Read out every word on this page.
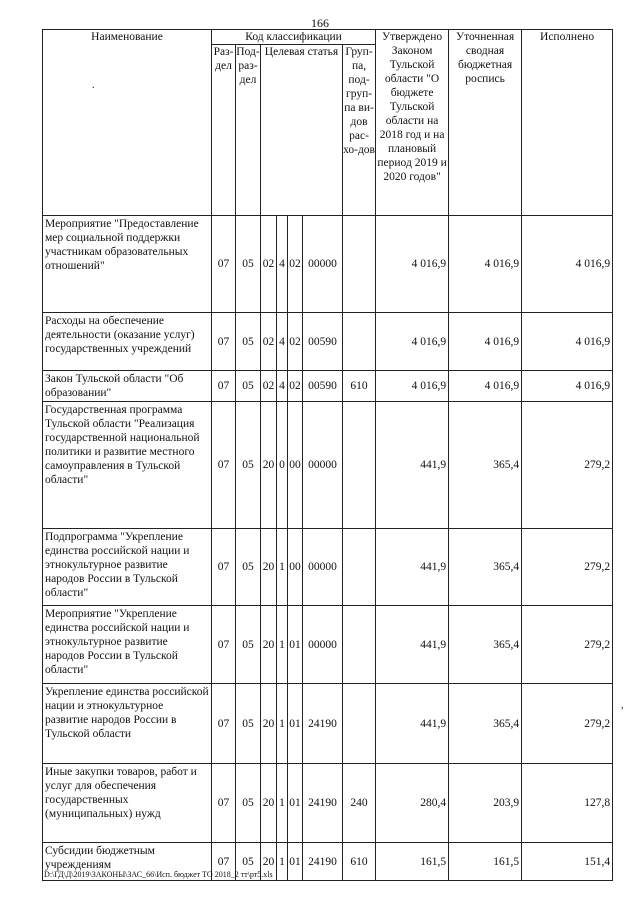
166
.
,
Наименование	Код классификации							Утверждено Законом Тульской области "О бюджете Тульской области на 2018 год и на плановый период 2019 и 2020 годов"	Уточненная сводная бюджетная роспись	Исполнено
	Раз-дел	Под-раз-дел	Целевая статья				Груп-па, под-груп-па ви-дов рас-хо-дов			
Мероприятие "Предоставление мер социальной поддержки участникам образовательных отношений"	07	05	02	4	02	00000		4 016,9	4 016,9	4 016,9
Расходы на обеспечение деятельности (оказание услуг) государственных учреждений	07	05	02	4	02	00590		4 016,9	4 016,9	4 016,9
Закон Тульской области "Об образовании"	07	05	02	4	02	00590	610	4 016,9	4 016,9	4 016,9
Государственная программа Тульской области "Реализация государственной национальной политики и развитие местного самоуправления в Тульской области"	07	05	20	0	00	00000		441,9	365,4	279,2
Подпрограмма "Укрепление единства российской нации и этнокультурное развитие народов России в Тульской области"	07	05	20	1	00	00000		441,9	365,4	279,2
Мероприятие "Укрепление единства российской нации и этнокультурное развитие народов России в Тульской области"	07	05	20	1	01	00000		441,9	365,4	279,2
Укрепление единства российской нации и этнокультурное развитие народов России в Тульской области	07	05	20	1	01	24190		441,9	365,4	279,2
Иные закупки товаров, работ и услуг для обеспечения государственных (муниципальных) нужд	07	05	20	1	01	24190	240	280,4	203,9	127,8
Субсидии бюджетным учреждениям	07	05	20	1	01	24190	610	161,5	161,5	151,4
D:\ГД\Д\2019\ЗАКОНЫ\ЗАС_66\Исп. бюджет ТО 2018_2 тт\рт5.xls
